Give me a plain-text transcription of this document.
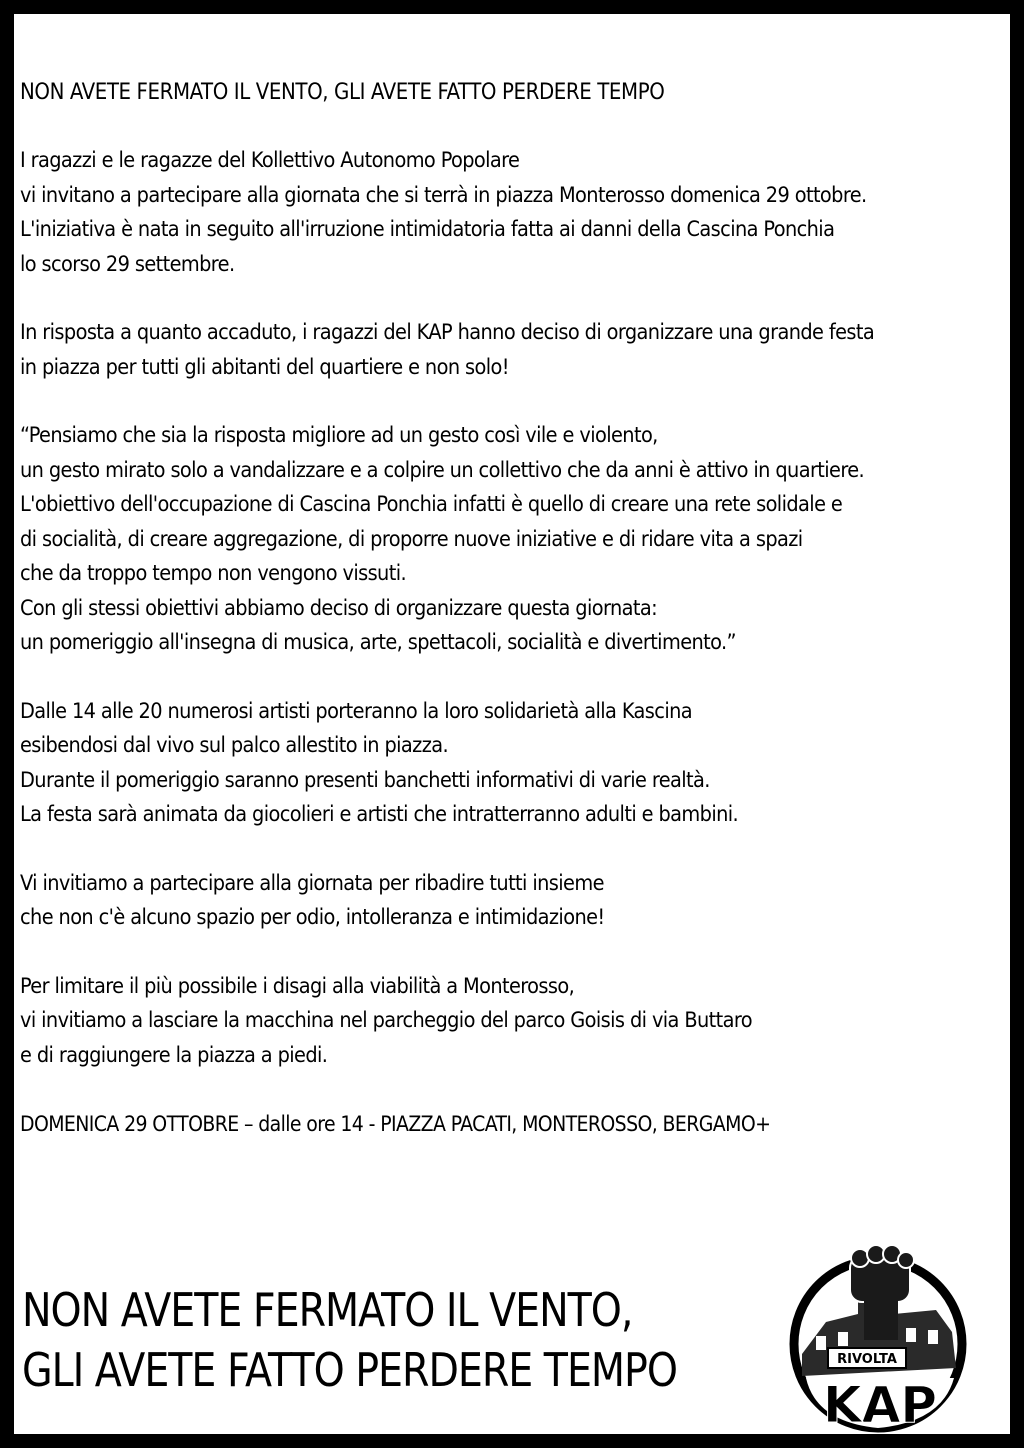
NON AVETE FERMATO IL VENTO, GLI AVETE FATTO PERDERE TEMPO
I ragazzi e le ragazze del Kollettivo Autonomo Popolare
vi invitano a partecipare alla giornata che si terrà in piazza Monterosso domenica 29 ottobre.
L'iniziativa è nata in seguito all'irruzione intimidatoria fatta ai danni della Cascina Ponchia
lo scorso 29 settembre.
In risposta a quanto accaduto, i ragazzi del KAP hanno deciso di organizzare una grande festa
in piazza per tutti gli abitanti del quartiere e non solo!
“Pensiamo che sia la risposta migliore ad un gesto così vile e violento,
un gesto mirato solo a vandalizzare e a colpire un collettivo che da anni è attivo in quartiere.
L'obiettivo dell'occupazione di Cascina Ponchia infatti è quello di creare una rete solidale e
di socialità, di creare aggregazione, di proporre nuove iniziative e di ridare vita a spazi
che da troppo tempo non vengono vissuti.
Con gli stessi obiettivi abbiamo deciso di organizzare questa giornata:
un pomeriggio all'insegna di musica, arte, spettacoli, socialità e divertimento.”
Dalle 14 alle 20 numerosi artisti porteranno la loro solidarietà alla Kascina
esibendosi dal vivo sul palco allestito in piazza.
Durante il pomeriggio saranno presenti banchetti informativi di varie realtà.
La festa sarà animata da giocolieri e artisti che intratterranno adulti e bambini.
Vi invitiamo a partecipare alla giornata per ribadire tutti insieme
che non c'è alcuno spazio per odio, intolleranza e intimidazione!
Per limitare il più possibile i disagi alla viabilità a Monterosso,
vi invitiamo a lasciare la macchina nel parcheggio del parco Goisis di via Buttaro
e di raggiungere la piazza a piedi.
DOMENICA 29 OTTOBRE – dalle ore 14 - PIAZZA PACATI, MONTEROSSO, BERGAMO+
NON AVETE FERMATO IL VENTO,
GLI AVETE FATTO PERDERE TEMPO	RIVOLTA
KAP
